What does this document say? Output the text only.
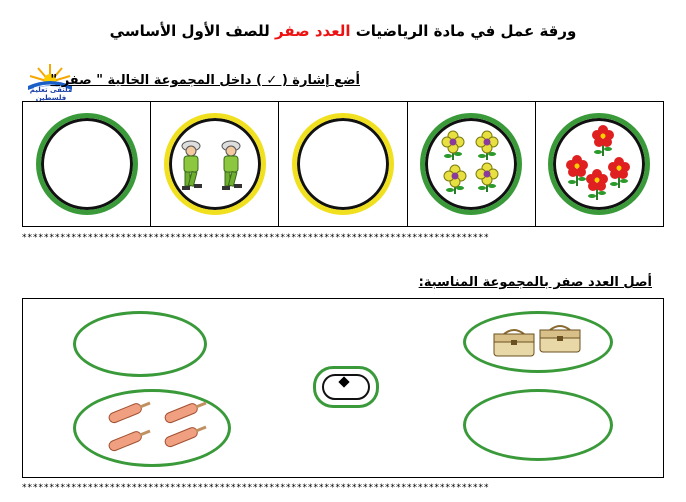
ورقة عمل في مادة الرياضيات العدد صفر للصف الأول الأساسي
ملتقى تعليم فلسطين
أضع إشارة ( ✓ ) داخل المجموعة الخالية " صفر "
*************************************************************************************
أصل العدد صفر بالمجموعة المناسبة:
*************************************************************************************
